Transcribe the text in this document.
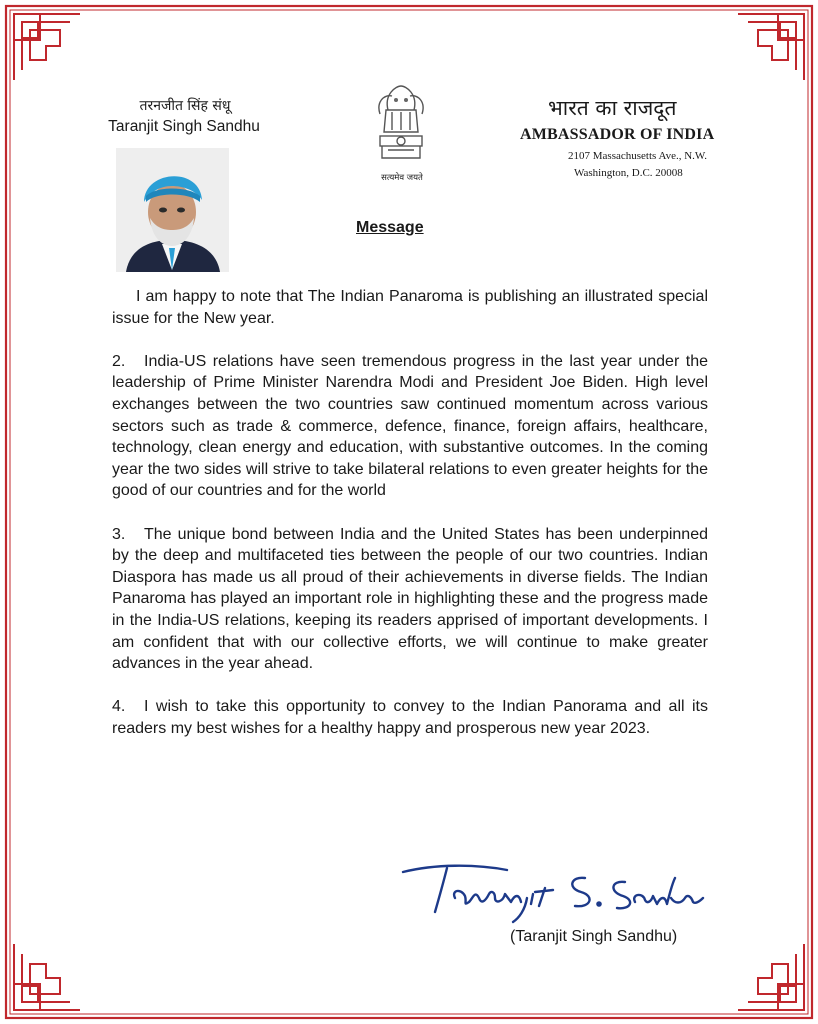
तरनजीत सिंह संधू
Taranjit Singh Sandhu
सत्यमेव जयते
भारत का राजदूत
AMBASSADOR OF INDIA
2107 Massachusetts Ave., N.W.
Washington, D.C. 20008
Message

I am happy to note that The Indian Panaroma is publishing an illustrated special issue for the New year.

2. India-US relations have seen tremendous progress in the last year under the leadership of Prime Minister Narendra Modi and President Joe Biden. High level exchanges between the two countries saw continued momentum across various sectors such as trade & commerce, defence, finance, foreign affairs, healthcare, technology, clean energy and education, with substantive outcomes. In the coming year the two sides will strive to take bilateral relations to even greater heights for the good of our countries and for the world

3. The unique bond between India and the United States has been underpinned by the deep and multifaceted ties between the people of our two countries. Indian Diaspora has made us all proud of their achievements in diverse fields. The Indian Panaroma has played an important role in highlighting these and the progress made in the India-US relations, keeping its readers apprised of important developments. I am confident that with our collective efforts, we will continue to make greater advances in the year ahead.

4. I wish to take this opportunity to convey to the Indian Panorama and all its readers my best wishes for a healthy happy and prosperous new year 2023.

(Taranjit Singh Sandhu)
